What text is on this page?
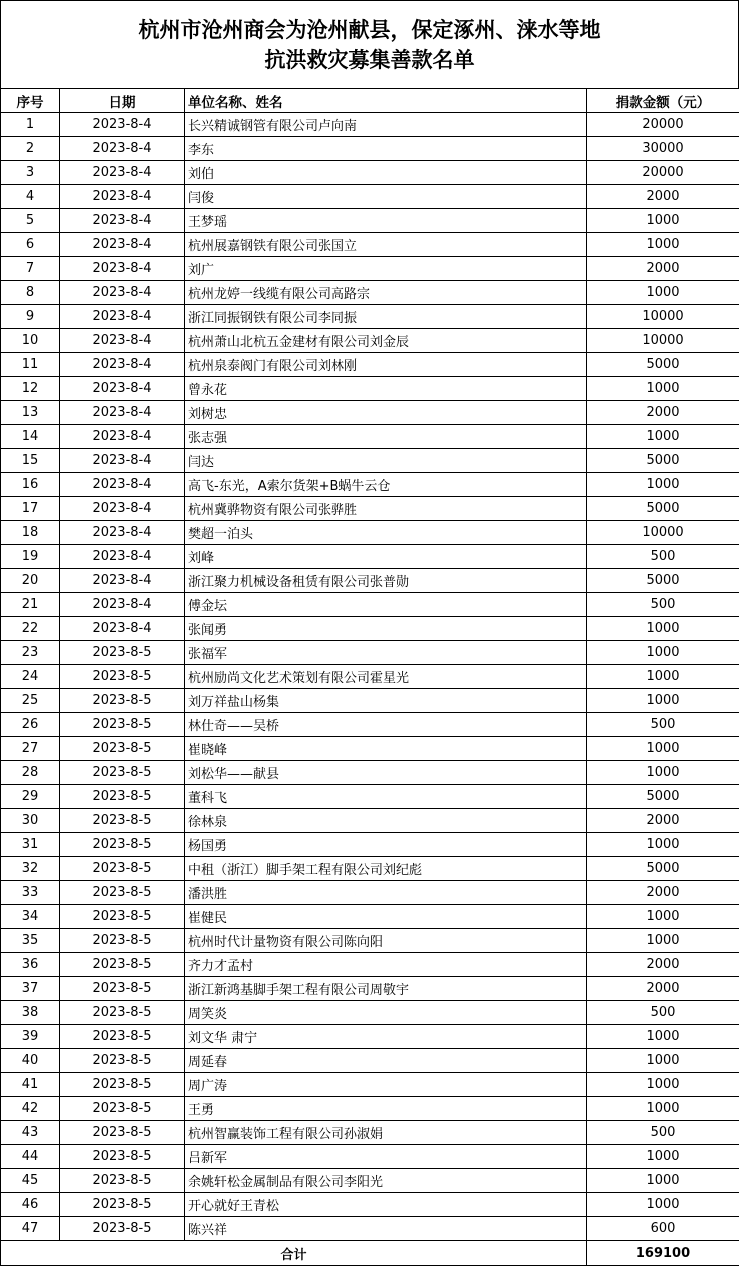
杭州市沧州商会为沧州献县，保定涿州、涞水等地
抗洪救灾募集善款名单
序号	日期	单位名称、姓名	捐款金额（元）
1	2023-8-4	长兴精诚钢管有限公司卢向南	20000
2	2023-8-4	李东	30000
3	2023-8-4	刘伯	20000
4	2023-8-4	闫俊	2000
5	2023-8-4	王梦瑶	1000
6	2023-8-4	杭州展嘉钢铁有限公司张国立	1000
7	2023-8-4	刘广	2000
8	2023-8-4	杭州龙婷一线缆有限公司高路宗	1000
9	2023-8-4	浙江同振钢铁有限公司李同振	10000
10	2023-8-4	杭州萧山北杭五金建材有限公司刘金辰	10000
11	2023-8-4	杭州泉泰阀门有限公司刘林刚	5000
12	2023-8-4	曾永花	1000
13	2023-8-4	刘树忠	2000
14	2023-8-4	张志强	1000
15	2023-8-4	闫达	5000
16	2023-8-4	高飞-东光，A索尔货架+B蜗牛云仓	1000
17	2023-8-4	杭州冀骅物资有限公司张骅胜	5000
18	2023-8-4	樊超一泊头	10000
19	2023-8-4	刘峰	500
20	2023-8-4	浙江聚力机械设备租赁有限公司张普勋	5000
21	2023-8-4	傅金坛	500
22	2023-8-4	张闻勇	1000
23	2023-8-5	张福军	1000
24	2023-8-5	杭州励尚文化艺术策划有限公司霍星光	1000
25	2023-8-5	刘万祥盐山杨集	1000
26	2023-8-5	林仕奇——吴桥	500
27	2023-8-5	崔晓峰	1000
28	2023-8-5	刘松华——献县	1000
29	2023-8-5	董科飞	5000
30	2023-8-5	徐林泉	2000
31	2023-8-5	杨国勇	1000
32	2023-8-5	中租（浙江）脚手架工程有限公司刘纪彪	5000
33	2023-8-5	潘洪胜	2000
34	2023-8-5	崔健民	1000
35	2023-8-5	杭州时代计量物资有限公司陈向阳	1000
36	2023-8-5	齐力才孟村	2000
37	2023-8-5	浙江新鸿基脚手架工程有限公司周敬宇	2000
38	2023-8-5	周笑炎	500
39	2023-8-5	刘文华 肃宁	1000
40	2023-8-5	周延春	1000
41	2023-8-5	周广涛	1000
42	2023-8-5	王勇	1000
43	2023-8-5	杭州智赢装饰工程有限公司孙淑娟	500
44	2023-8-5	吕新军	1000
45	2023-8-5	余姚轩松金属制品有限公司李阳光	1000
46	2023-8-5	开心就好王青松	1000
47	2023-8-5	陈兴祥	600
合计			169100
